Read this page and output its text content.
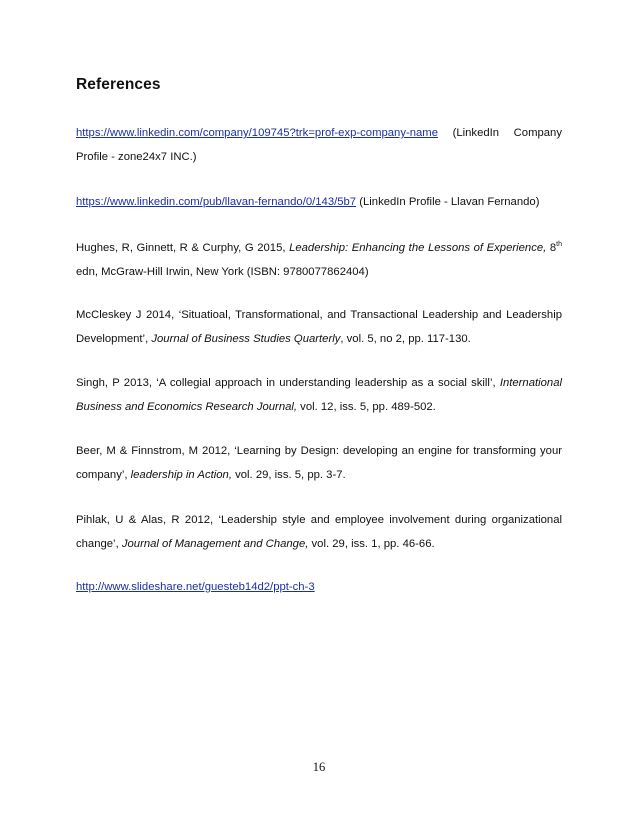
References
https://www.linkedin.com/company/109745?trk=prof-exp-company-name (LinkedIn Company Profile - zone24x7 INC.)
https://www.linkedin.com/pub/llavan-fernando/0/143/5b7 (LinkedIn Profile - Llavan Fernando)
Hughes, R, Ginnett, R & Curphy, G 2015, Leadership: Enhancing the Lessons of Experience, 8th edn, McGraw-Hill Irwin, New York (ISBN: 9780077862404)
McCleskey J 2014, ‘Situatioal, Transformational, and Transactional Leadership and Leadership Development’, Journal of Business Studies Quarterly, vol. 5, no 2, pp. 117-130.
Singh, P 2013, ‘A collegial approach in understanding leadership as a social skill’, International Business and Economics Research Journal, vol. 12, iss. 5, pp. 489-502.
Beer, M & Finnstrom, M 2012, ‘Learning by Design: developing an engine for transforming your company’, leadership in Action, vol. 29, iss. 5, pp. 3-7.
Pihlak, U & Alas, R 2012, ‘Leadership style and employee involvement during organizational change’, Journal of Management and Change, vol. 29, iss. 1, pp. 46-66.
http://www.slideshare.net/guesteb14d2/ppt-ch-3
16
